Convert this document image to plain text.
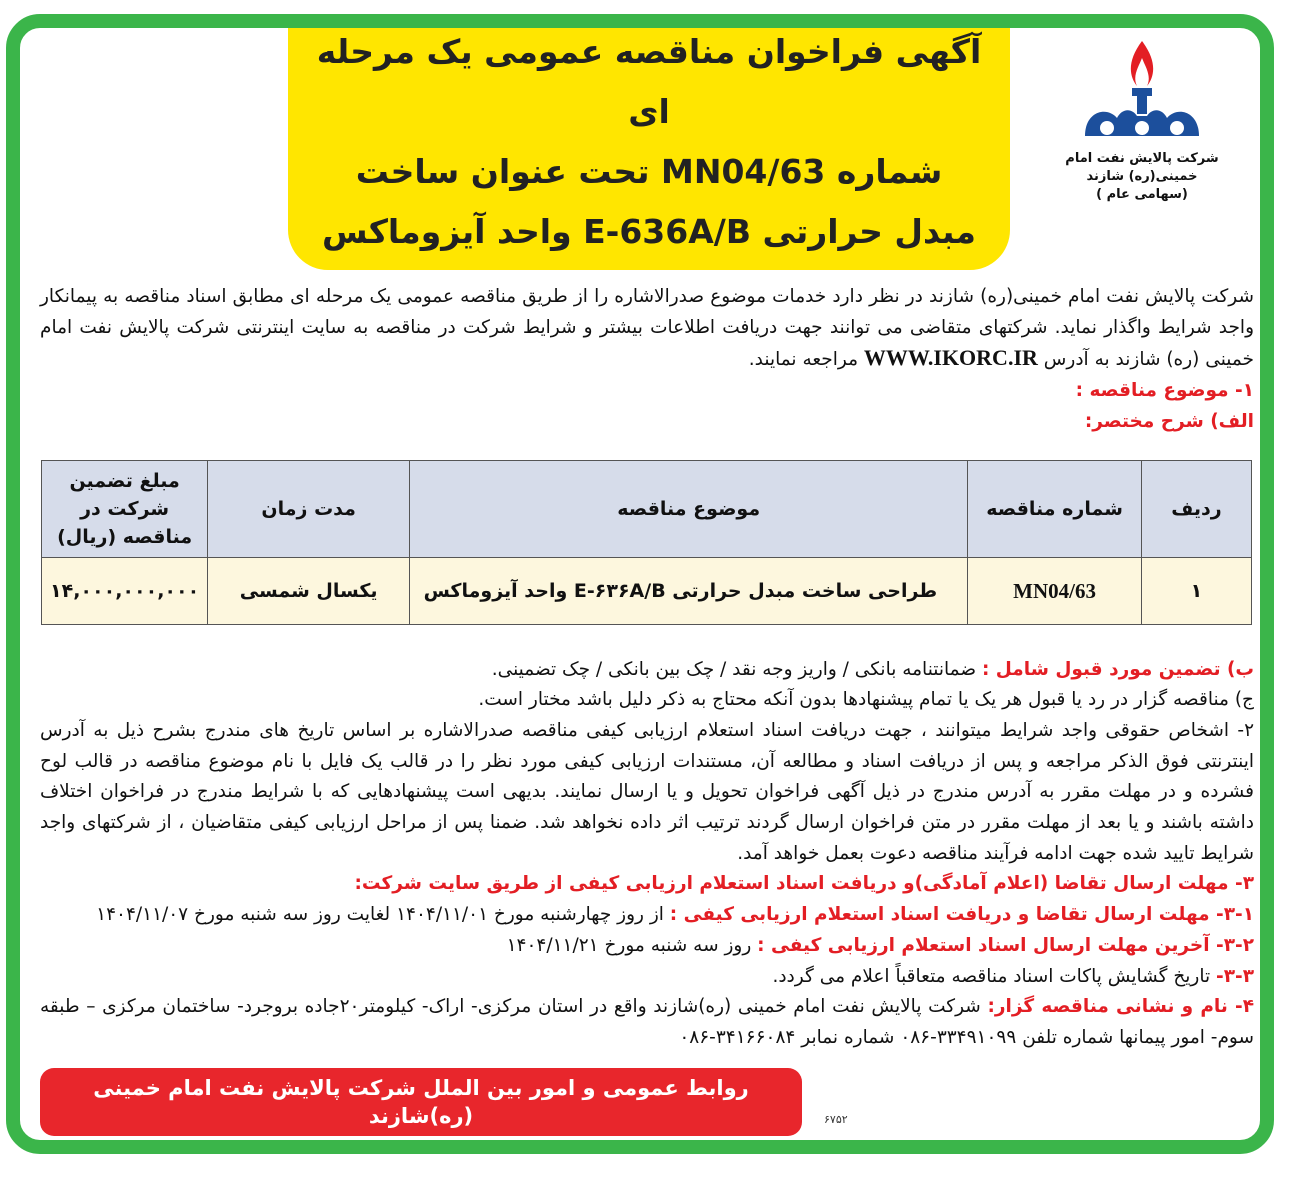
شرکت پالایش نفت امام خمینی(ره) شازند
(سهامی عام )
آگهی فراخوان مناقصه عمومی یک مرحله ای
شماره MN04/63 تحت عنوان ساخت
مبدل حرارتی E-636A/B واحد آیزوماکس
شرکت پالایش نفت امام خمینی(ره) شازند در نظر دارد خدمات موضوع صدرالاشاره را از طریق مناقصه عمومی یک مرحله ای مطابق اسناد مناقصه به پیمانکار واجد شرایط واگذار نماید. شرکتهای متقاضی می توانند جهت دریافت اطلاعات بیشتر و شرایط شرکت در مناقصه به سایت اینترنتی شرکت پالایش نفت امام خمینی (ره) شازند به آدرس WWW.IKORC.IR مراجعه نمایند.
۱- موضوع مناقصه :
الف) شرح مختصر:
ردیف	شماره مناقصه	موضوع مناقصه	مدت زمان	مبلغ تضمین شرکت در مناقصه (ریال)
۱	MN04/63	طراحی ساخت مبدل حرارتی E-۶۳۶A/B واحد آیزوماکس	یکسال شمسی	۱۴,۰۰۰,۰۰۰,۰۰۰
ب) تضمین مورد قبول شامل : ضمانتنامه بانکی / واریز وجه نقد / چک بین بانکی / چک تضمینی.
ج) مناقصه گزار در رد یا قبول هر یک یا تمام پیشنهادها بدون آنکه محتاج به ذکر دلیل باشد مختار است.
۲- اشخاص حقوقی واجد شرایط میتوانند ، جهت دریافت اسناد استعلام ارزیابی کیفی مناقصه صدرالاشاره بر اساس تاریخ های مندرج بشرح ذیل به آدرس اینترنتی فوق الذکر مراجعه و پس از دریافت اسناد و مطالعه آن، مستندات ارزیابی کیفی مورد نظر را در قالب یک فایل با نام موضوع مناقصه در قالب لوح فشرده و در مهلت مقرر به آدرس مندرج در ذیل آگهی فراخوان تحویل و یا ارسال نمایند. بدیهی است پیشنهادهایی که با شرایط مندرج در فراخوان اختلاف داشته باشند و یا بعد از مهلت مقرر در متن فراخوان ارسال گردند ترتیب اثر داده نخواهد شد. ضمنا پس از مراحل ارزیابی کیفی متقاضیان ، از شرکتهای واجد شرایط تایید شده جهت ادامه فرآیند مناقصه دعوت بعمل خواهد آمد.
۳- مهلت ارسال تقاضا (اعلام آمادگی)و دریافت اسناد استعلام ارزیابی کیفی از طریق سایت شرکت:
۳-۱- مهلت ارسال تقاضا و دریافت اسناد استعلام ارزیابی کیفی : از روز چهارشنبه مورخ ۱۴۰۴/۱۱/۰۱ لغایت روز سه شنبه مورخ ۱۴۰۴/۱۱/۰۷
۳-۲- آخرین مهلت ارسال اسناد استعلام ارزیابی کیفی : روز سه شنبه مورخ ۱۴۰۴/۱۱/۲۱
۳-۳- تاریخ گشایش پاکات اسناد مناقصه متعاقباً اعلام می گردد.
۴- نام و نشانی مناقصه گزار: شرکت پالایش نفت امام خمینی (ره)شازند واقع در استان مرکزی- اراک- کیلومتر۲۰جاده بروجرد- ساختمان مرکزی – طبقه سوم- امور پیمانها شماره تلفن ۳۳۴۹۱۰۹۹-۰۸۶ شماره نمابر ۳۴۱۶۶۰۸۴-۰۸۶
روابط عمومی و امور بین الملل شرکت پالایش نفت امام خمینی (ره)شازند	۶۷۵۲
